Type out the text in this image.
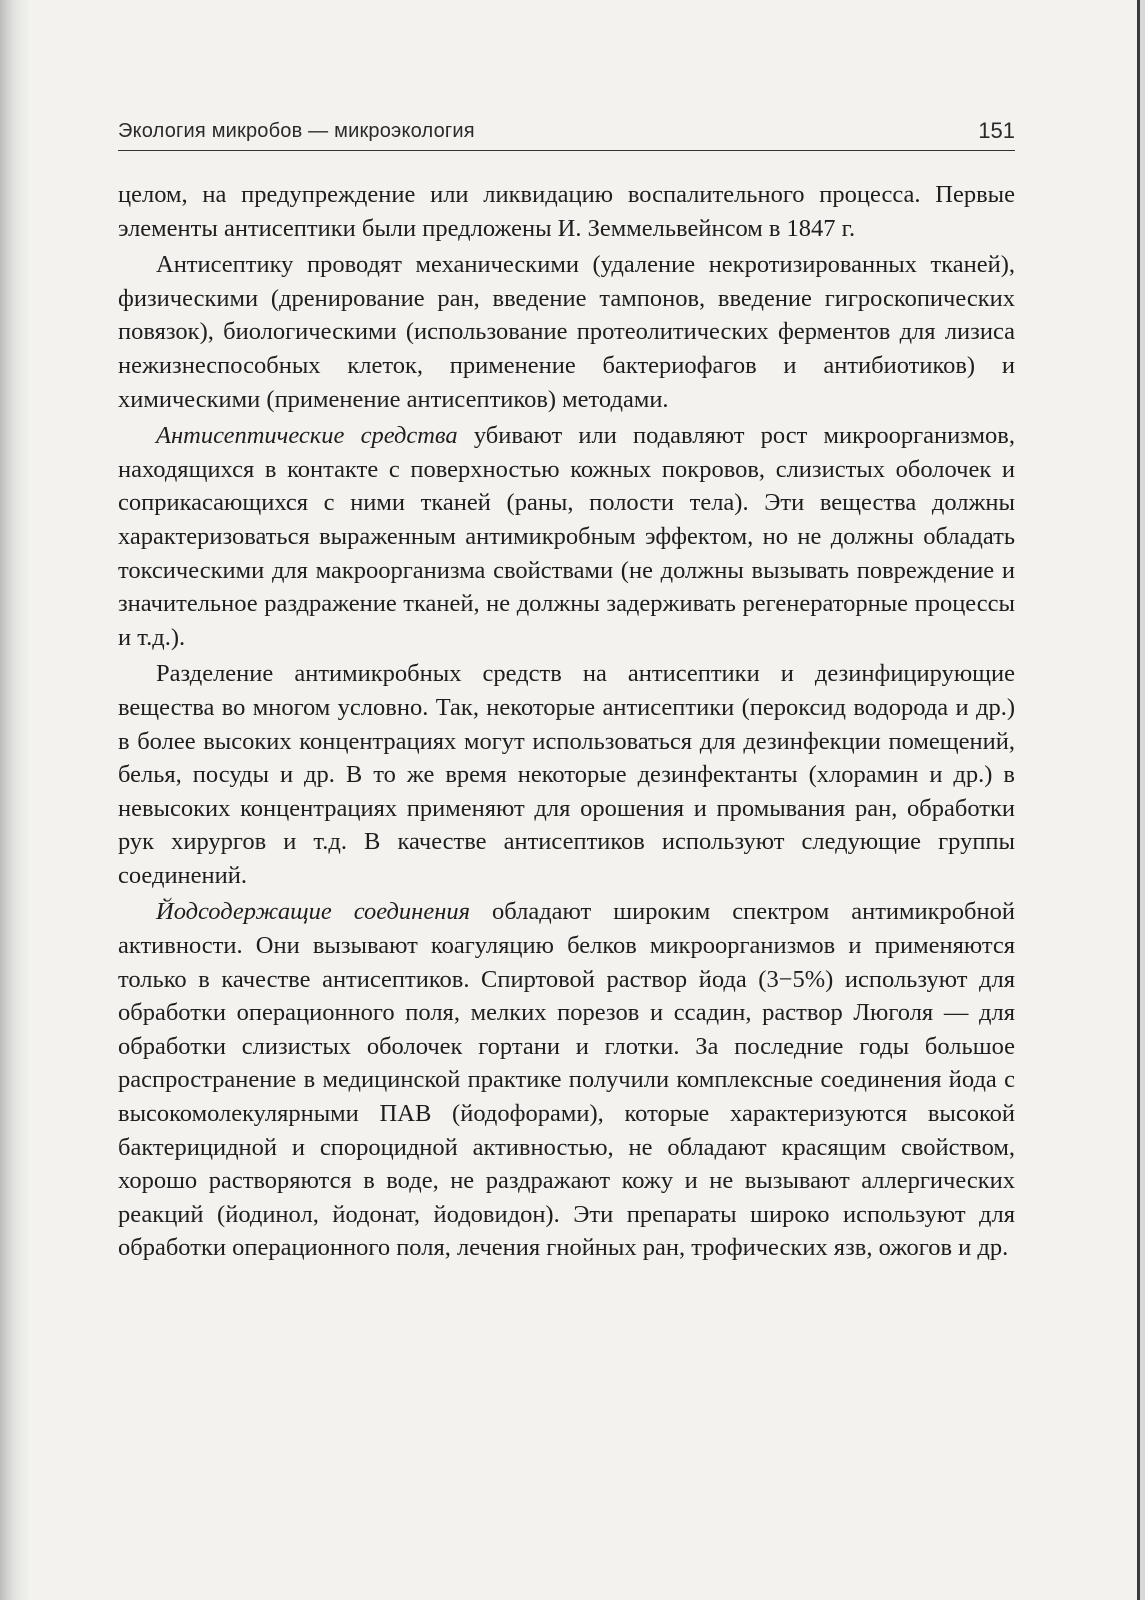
Экология микробов — микроэкология	151

целом, на предупреждение или ликвидацию воспалительного процесса. Первые элементы антисептики были предложены И. Земмельвейнсом в 1847 г.

Антисептику проводят механическими (удаление некротизированных тканей), физическими (дренирование ран, введение тампонов, введение гигроскопических повязок), биологическими (использование протеолитических ферментов для лизиса нежизнеспособных клеток, применение бактериофагов и антибиотиков) и химическими (применение антисептиков) методами.

Антисептические средства убивают или подавляют рост микроорганизмов, находящихся в контакте с поверхностью кожных покровов, слизистых оболочек и соприкасающихся с ними тканей (раны, полости тела). Эти вещества должны характеризоваться выраженным антимикробным эффектом, но не должны обладать токсическими для макроорганизма свойствами (не должны вызывать повреждение и значительное раздражение тканей, не должны задерживать регенераторные процессы и т.д.).

Разделение антимикробных средств на антисептики и дезинфицирующие вещества во многом условно. Так, некоторые антисептики (пероксид водорода и др.) в более высоких концентрациях могут использоваться для дезинфекции помещений, белья, посуды и др. В то же время некоторые дезинфектанты (хлорамин и др.) в невысоких концентрациях применяют для орошения и промывания ран, обработки рук хирургов и т.д. В качестве антисептиков используют следующие группы соединений.

Йодсодержащие соединения обладают широким спектром антимикробной активности. Они вызывают коагуляцию белков микроорганизмов и применяются только в качестве антисептиков. Спиртовой раствор йода (3−5%) используют для обработки операционного поля, мелких порезов и ссадин, раствор Люголя — для обработки слизистых оболочек гортани и глотки. За последние годы большое распространение в медицинской практике получили комплексные соединения йода с высокомолекулярными ПАВ (йодофорами), которые характеризуются высокой бактерицидной и спороцидной активностью, не обладают красящим свойством, хорошо растворяются в воде, не раздражают кожу и не вызывают аллергических реакций (йодинол, йодонат, йодовидон). Эти препараты широко используют для обработки операционного поля, лечения гнойных ран, трофических язв, ожогов и др.
